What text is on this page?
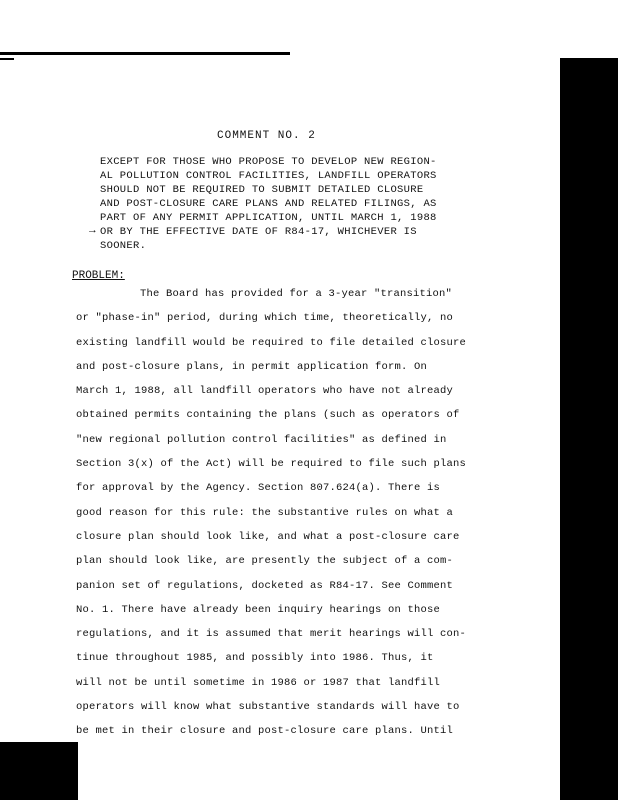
COMMENT NO. 2
EXCEPT FOR THOSE WHO PROPOSE TO DEVELOP NEW REGION-
AL POLLUTION CONTROL FACILITIES, LANDFILL OPERATORS
SHOULD NOT BE REQUIRED TO SUBMIT DETAILED CLOSURE
AND POST-CLOSURE CARE PLANS AND RELATED FILINGS, AS
PART OF ANY PERMIT APPLICATION, UNTIL MARCH 1, 1988
OR BY THE EFFECTIVE DATE OF R84-17, WHICHEVER IS
SOONER.
→
PROBLEM:
The Board has provided for a 3-year "transition"
or "phase-in" period, during which time, theoretically, no
existing landfill would be required to file detailed closure
and post-closure plans, in permit application form. On
March 1, 1988, all landfill operators who have not already
obtained permits containing the plans (such as operators of
"new regional pollution control facilities" as defined in
Section 3(x) of the Act) will be required to file such plans
for approval by the Agency. Section 807.624(a). There is
good reason for this rule: the substantive rules on what a
closure plan should look like, and what a post-closure care
plan should look like, are presently the subject of a com-
panion set of regulations, docketed as R84-17. See Comment
No. 1. There have already been inquiry hearings on those
regulations, and it is assumed that merit hearings will con-
tinue throughout 1985, and possibly into 1986. Thus, it
will not be until sometime in 1986 or 1987 that landfill
operators will know what substantive standards will have to
be met in their closure and post-closure care plans. Until
